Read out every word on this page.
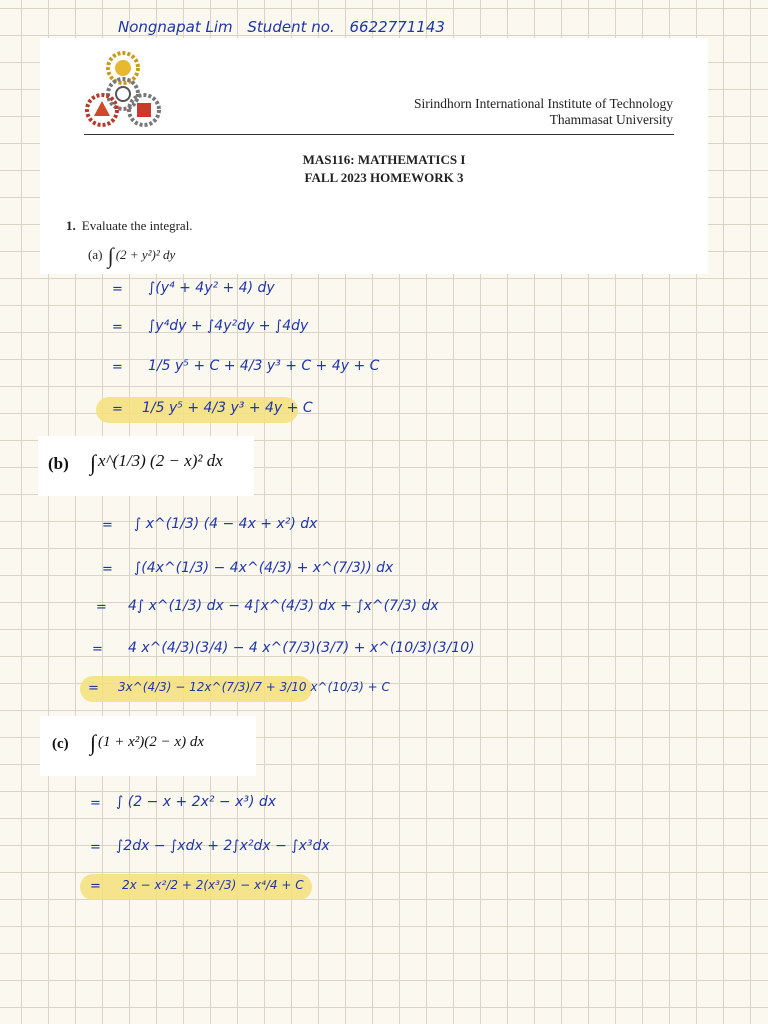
Nongnapat Lim Student no. 6622771143
Sirindhorn International Institute of Technology
Thammasat University
MAS116: MATHEMATICS I
FALL 2023 HOMEWORK 3
1. Evaluate the integral.
(a) ∫ (2 + y²)² dy
= ∫(y⁴ + 4y² + 4) dy
= ∫y⁴dy + ∫4y²dy + ∫4dy
= 1/5 y⁵ + C + 4/3 y³ + C + 4y + C
= 1/5 y⁵ + 4/3 y³ + 4y + C
(b) ∫ x^(1/3) (2 − x)² dx
= ∫ x^(1/3) (4 − 4x + x²) dx
= ∫(4x^(1/3) − 4x^(4/3) + x^(7/3)) dx
= 4∫ x^(1/3) dx − 4∫x^(4/3) dx + ∫x^(7/3) dx
= 4 x^(4/3)(3/4) − 4 x^(7/3)(3/7) + x^(10/3)(3/10)
= 3x^(4/3) − 12x^(7/3)/7 + 3/10 x^(10/3) + C
(c) ∫ (1 + x²)(2 − x) dx
= ∫ (2 − x + 2x² − x³) dx
= ∫2dx − ∫xdx + 2∫x²dx − ∫x³dx
= 2x − x²/2 + 2(x³/3) − x⁴/4 + C
